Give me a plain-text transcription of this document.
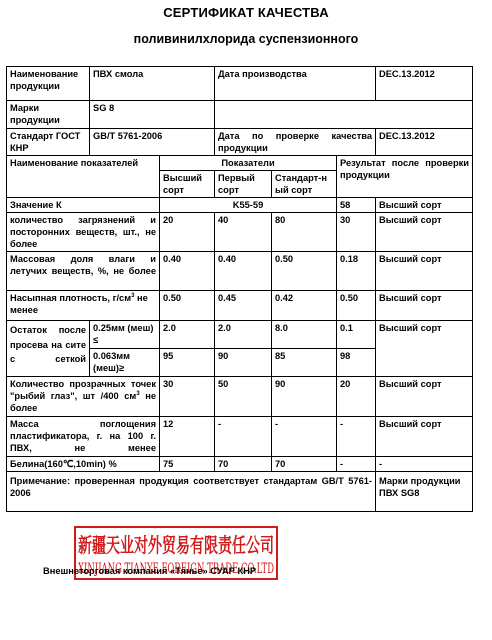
СЕРТИФИКАТ КАЧЕСТВА
поливинилхлорида суспензионного
Наименование продукции	ПВХ смола		Дата производства			DEC.13.2012
Марки продукции	SG 8					
Стандарт ГОСТ КНР	GB/T 5761-2006		Дата по проверке качества продукции			DEC.13.2012
Наименование показателей		Показатели			Результат после проверки продукции	
		Высший сорт	Первый сорт	Стандарт-н ый сорт		
Значение К		K55-59			58	Высший сорт
количество загрязнений и посторонних веществ, шт., не более		20	40	80	30	Высший сорт
Массовая доля влаги и летучих веществ, %, не более		0.40	0.40	0.50	0.18	Высший сорт
Насыпная плотность, $г/см^3$ не менее		0.50	0.45	0.42	0.50	Высший сорт
Остаток после просева на сите с сеткой	0.25мм (меш) ≤	2.0	2.0	8.0	0.1	Высший сорт
	0.063мм (меш)≥	95	90	85	98	
Количество прозрачных точек "рыбий глаз", шт /400 $см^3$ не более		30	50	90	20	Высший сорт
Масса поглощения пластификатора, г. на 100 г. ПВХ, не менее		12	-	-	-	Высший сорт
Белина(160℃,10min) %		75	70	70	-	-
Примечание: проверенная продукция соответствует стандартам GB/T 5761-2006						Марки продукции ПВХ SG8
新疆天业对外贸易有限责任公司
XINJIANG TIANYE FOREIGN TRADE CO.LTD
Внешнеторговая компания «Тянье» СУАР КНР
